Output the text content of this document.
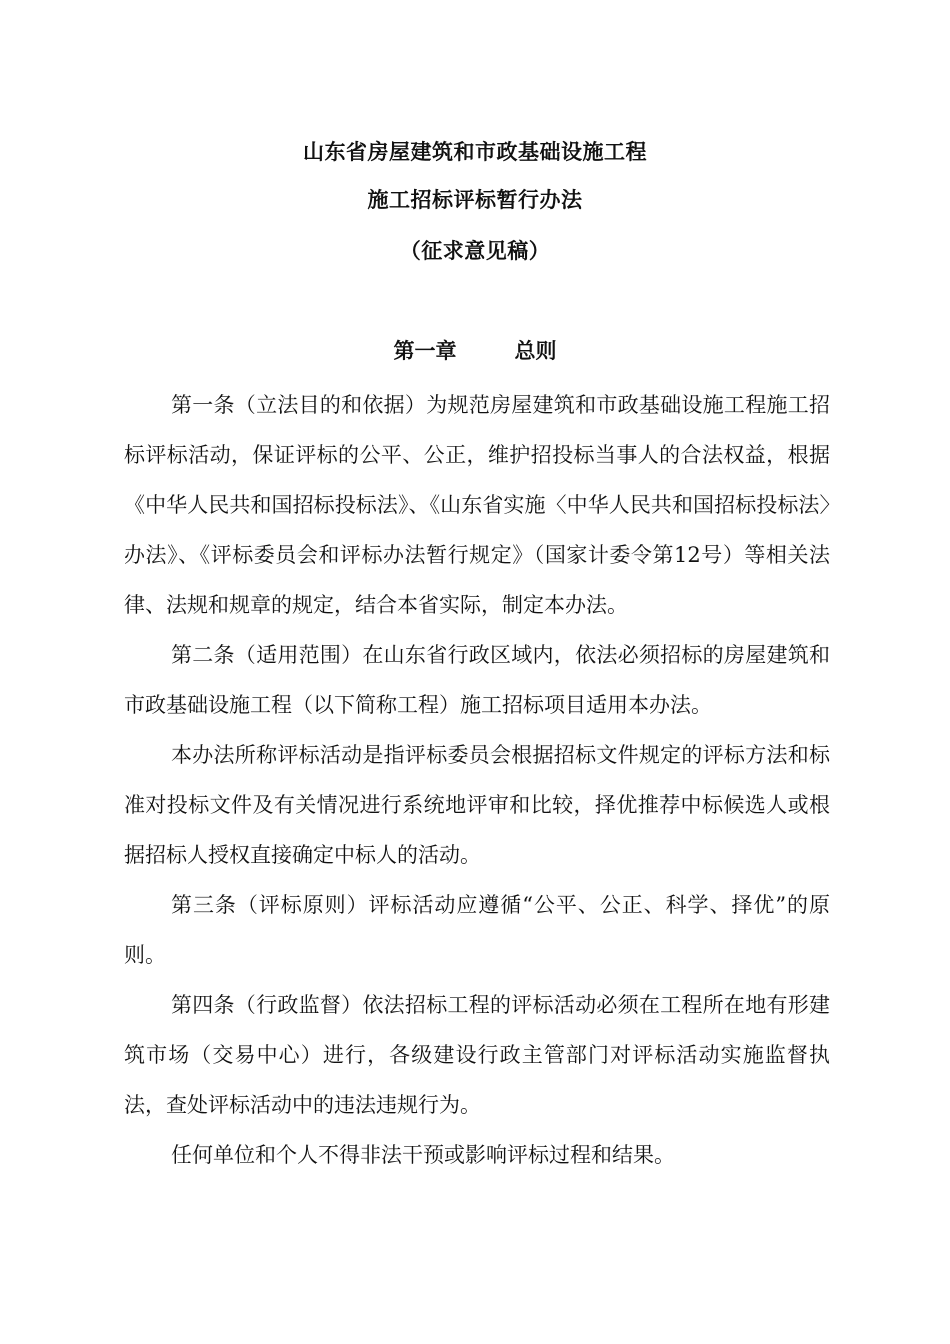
山东省房屋建筑和市政基础设施工程
施工招标评标暂行办法
（征求意见稿）
第一章	总则

第一条（立法目的和依据）为规范房屋建筑和市政基础设施工程施工招标评标活动，保证评标的公平、公正，维护招投标当事人的合法权益，根据《中华人民共和国招标投标法》、《山东省实施〈中华人民共和国招标投标法〉办法》、《评标委员会和评标办法暂行规定》（国家计委令第12号）等相关法律、法规和规章的规定，结合本省实际，制定本办法。

第二条（适用范围）在山东省行政区域内，依法必须招标的房屋建筑和市政基础设施工程（以下简称工程）施工招标项目适用本办法。

本办法所称评标活动是指评标委员会根据招标文件规定的评标方法和标准对投标文件及有关情况进行系统地评审和比较，择优推荐中标候选人或根据招标人授权直接确定中标人的活动。

第三条（评标原则）评标活动应遵循“公平、公正、科学、择优”的原则。

第四条（行政监督）依法招标工程的评标活动必须在工程所在地有形建筑市场（交易中心）进行，各级建设行政主管部门对评标活动实施监督执法，查处评标活动中的违法违规行为。

任何单位和个人不得非法干预或影响评标过程和结果。
